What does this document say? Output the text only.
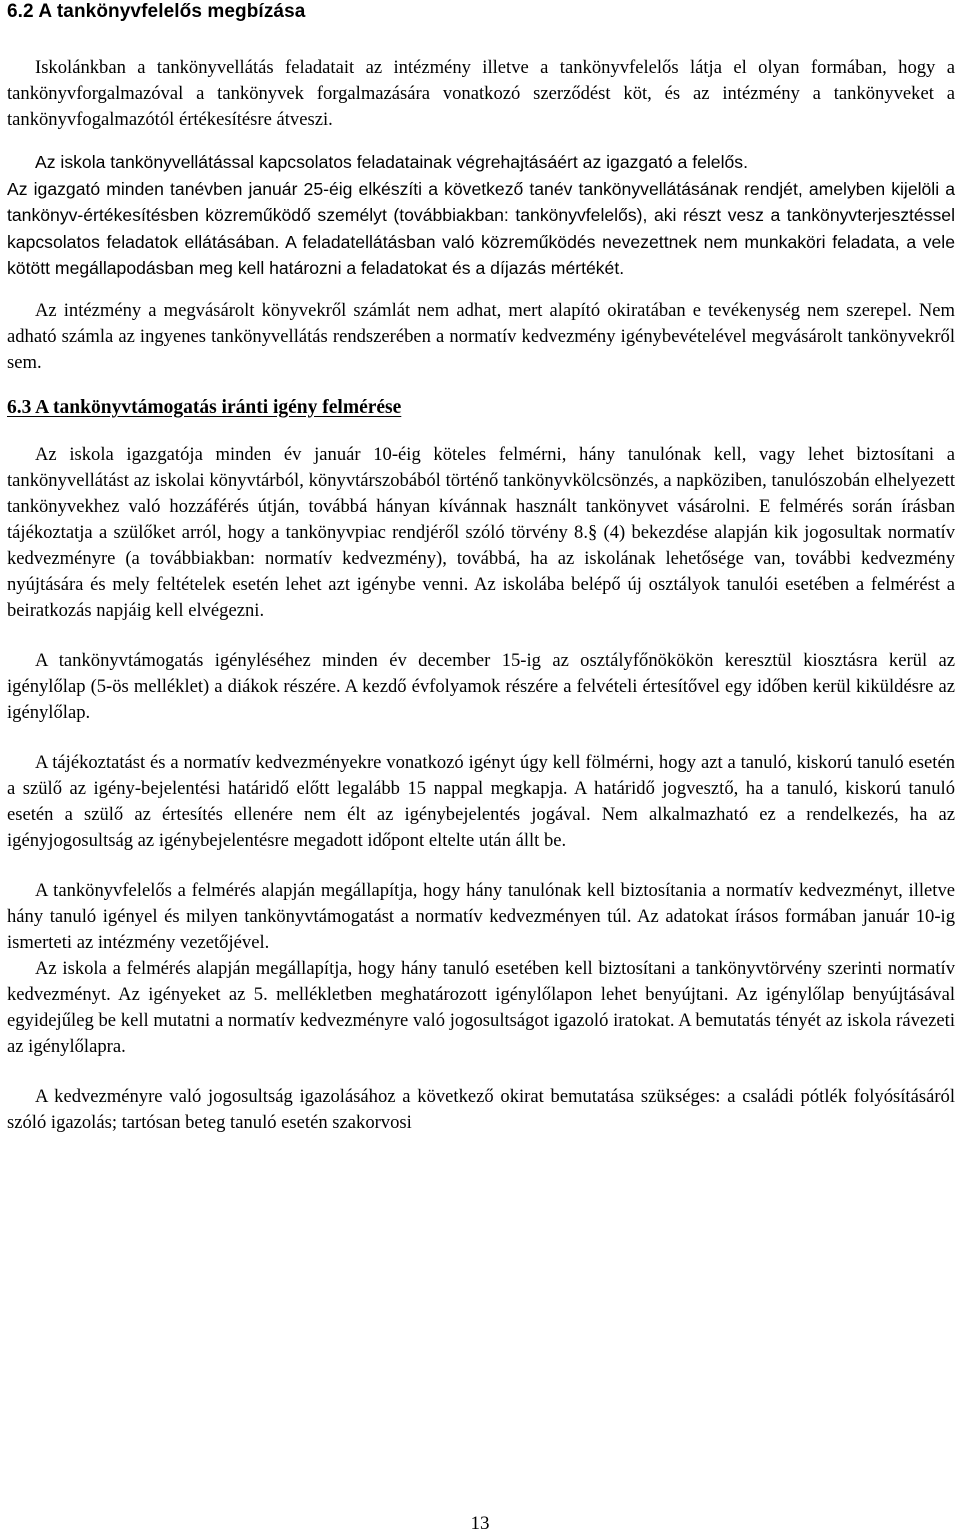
6.2 A tankönyvfelelős megbízása

Iskolánkban a tankönyvellátás feladatait az intézmény illetve a tankönyvfelelős látja el olyan formában, hogy a tankönyvforgalmazóval a tankönyvek forgalmazására vonatkozó szerződést köt, és az intézmény a tankönyveket a tankönyvfogalmazótól értékesítésre átveszi.

Az iskola tankönyvellátással kapcsolatos feladatainak végrehajtásáért az igazgató a felelős.

Az igazgató minden tanévben január 25-éig elkészíti a következő tanév tankönyvellátásának rendjét, amelyben kijelöli a tankönyv-értékesítésben közreműködő személyt (továbbiakban: tankönyvfelelős), aki részt vesz a tankönyvterjesztéssel kapcsolatos feladatok ellátásában. A feladatellátásban való közreműködés nevezettnek nem munkaköri feladata, a vele kötött megállapodásban meg kell határozni a feladatokat és a díjazás mértékét.

Az intézmény a megvásárolt könyvekről számlát nem adhat, mert alapító okiratában e tevékenység nem szerepel. Nem adható számla az ingyenes tankönyvellátás rendszerében a normatív kedvezmény igénybevételével megvásárolt tankönyvekről sem.

6.3 A tankönyvtámogatás iránti igény felmérése

Az iskola igazgatója minden év január 10-éig köteles felmérni, hány tanulónak kell, vagy lehet biztosítani a tankönyvellátást az iskolai könyvtárból, könyvtárszobából történő tankönyvkölcsönzés, a napköziben, tanulószobán elhelyezett tankönyvekhez való hozzáférés útján, továbbá hányan kívánnak használt tankönyvet vásárolni. E felmérés során írásban tájékoztatja a szülőket arról, hogy a tankönyvpiac rendjéről szóló törvény 8.§ (4) bekezdése alapján kik jogosultak normatív kedvezményre (a továbbiakban: normatív kedvezmény), továbbá, ha az iskolának lehetősége van, további kedvezmény nyújtására és mely feltételek esetén lehet azt igénybe venni. Az iskolába belépő új osztályok tanulói esetében a felmérést a beiratkozás napjáig kell elvégezni.

A tankönyvtámogatás igényléséhez minden év december 15-ig az osztályfőnökökön keresztül kiosztásra kerül az igénylőlap (5-ös melléklet) a diákok részére. A kezdő évfolyamok részére a felvételi értesítővel egy időben kerül kiküldésre az igénylőlap.

A tájékoztatást és a normatív kedvezményekre vonatkozó igényt úgy kell fölmérni, hogy azt a tanuló, kiskorú tanuló esetén a szülő az igény-bejelentési határidő előtt legalább 15 nappal megkapja. A határidő jogvesztő, ha a tanuló, kiskorú tanuló esetén a szülő az értesítés ellenére nem élt az igénybejelentés jogával. Nem alkalmazható ez a rendelkezés, ha az igényjogosultság az igénybejelentésre megadott időpont eltelte után állt be.

A tankönyvfelelős a felmérés alapján megállapítja, hogy hány tanulónak kell biztosítania a normatív kedvezményt, illetve hány tanuló igényel és milyen tankönyvtámogatást a normatív kedvezményen túl. Az adatokat írásos formában január 10-ig ismerteti az intézmény vezetőjével.

Az iskola a felmérés alapján megállapítja, hogy hány tanuló esetében kell biztosítani a tankönyvtörvény szerinti normatív kedvezményt. Az igényeket az 5. mellékletben meghatározott igénylőlapon lehet benyújtani. Az igénylőlap benyújtásával egyidejűleg be kell mutatni a normatív kedvezményre való jogosultságot igazoló iratokat. A bemutatás tényét az iskola rávezeti az igénylőlapra.

A kedvezményre való jogosultság igazolásához a következő okirat bemutatása szükséges: a családi pótlék folyósításáról szóló igazolás; tartósan beteg tanuló esetén szakorvosi

13
